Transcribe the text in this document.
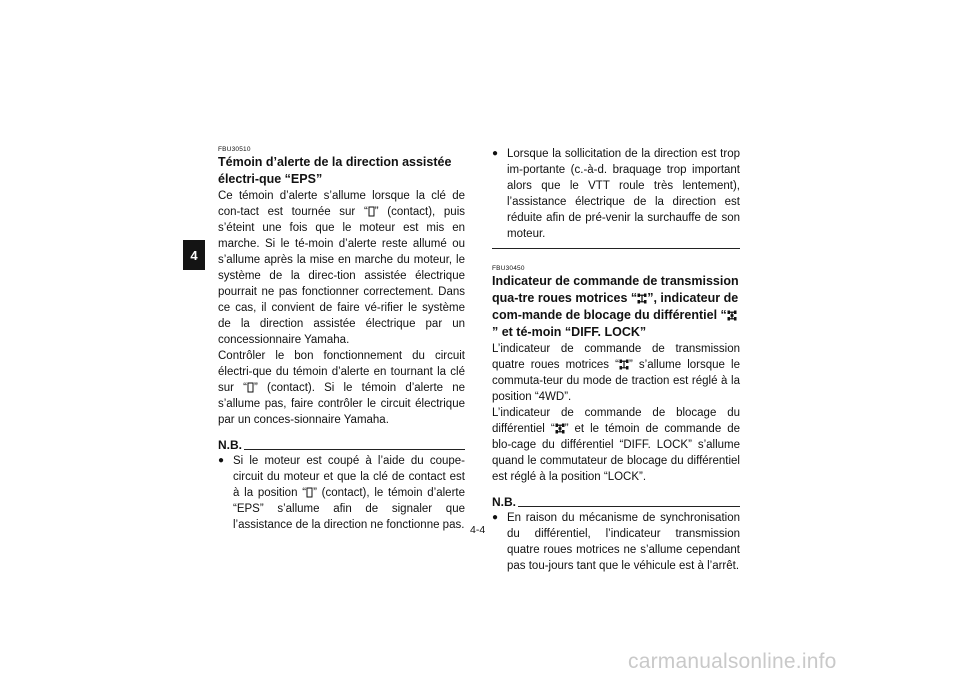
4
FBU30510
Témoin d’alerte de la direction assistée électri-que “EPS”

Ce témoin d’alerte s’allume lorsque la clé de con-tact est tournée sur “ ” (contact), puis s’éteint une fois que le moteur est mis en marche. Si le té-moin d’alerte reste allumé ou s’allume après la mise en marche du moteur, le système de la direc-tion assistée électrique pourrait ne pas fonctionner correctement. Dans ce cas, il convient de faire vé-rifier le système de la direction assistée électrique par un concessionnaire Yamaha.

Contrôler le bon fonctionnement du circuit électri-que du témoin d’alerte en tournant la clé sur “ ” (contact). Si le témoin d’alerte ne s’allume pas, faire contrôler le circuit électrique par un conces-sionnaire Yamaha.

N.B.
● Si le moteur est coupé à l’aide du coupe-circuit du moteur et que la clé de contact est à la position “ ” (contact), le témoin d’alerte “EPS” s’allume afin de signaler que l’assistance de la direction ne fonctionne pas.

● Lorsque la sollicitation de la direction est trop im-portante (c.-à-d. braquage trop important alors que le VTT roule très lentement), l’assistance électrique de la direction est réduite afin de pré-venir la surchauffe de son moteur.

FBU30450
Indicateur de commande de transmission qua-tre roues motrices “ ”, indicateur de com-mande de blocage du différentiel “” et té-moin “DIFF. LOCK”

L’indicateur de commande de transmission quatre roues motrices “ ” s’allume lorsque le commuta-teur du mode de traction est réglé à la position “4WD”.

L’indicateur de commande de blocage du différentiel “ ” et le témoin de commande de blo-cage du différentiel “DIFF. LOCK” s’allume quand le commutateur de blocage du différentiel est réglé à la position “LOCK”.

N.B.
● En raison du mécanisme de synchronisation du différentiel, l’indicateur transmission quatre roues motrices ne s’allume cependant pas tou-jours tant que le véhicule est à l’arrêt.

4-4
carmanualsonline.info
